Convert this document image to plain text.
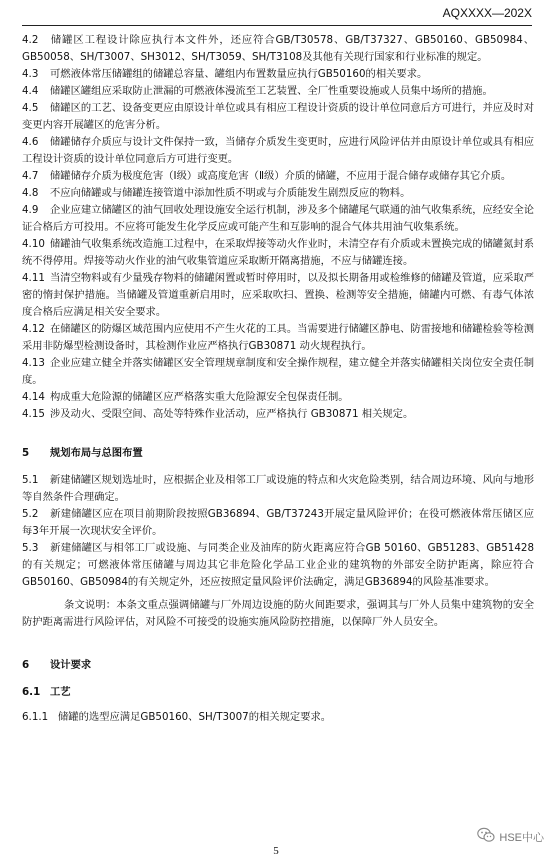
AQXXXX—202X

4.2 储罐区工程设计除应执行本文件外，还应符合GB/T30578、GB/T37327、GB50160、GB50984、GB50058、SH/T3007、SH3012、SH/T3059、SH/T3108及其他有关现行国家和行业标准的规定。

4.3 可燃液体常压储罐组的储罐总容量、罐组内布置数量应执行GB50160的相关要求。

4.4 储罐区罐组应采取防止泄漏的可燃液体漫流至工艺装置、全厂性重要设施或人员集中场所的措施。

4.5 储罐区的工艺、设备变更应由原设计单位或具有相应工程设计资质的设计单位同意后方可进行，并应及时对变更内容开展罐区的危害分析。

4.6 储罐储存介质应与设计文件保持一致，当储存介质发生变更时，应进行风险评估并由原设计单位或具有相应工程设计资质的设计单位同意后方可进行变更。

4.7 储罐储存介质为极度危害（Ⅰ级）或高度危害（Ⅱ级）介质的储罐，不应用于混合储存或储存其它介质。

4.8 不应向储罐或与储罐连接管道中添加性质不明或与介质能发生剧烈反应的物料。

4.9 企业应建立储罐区的油气回收处理设施安全运行机制，涉及多个储罐尾气联通的油气收集系统，应经安全论证合格后方可投用。不应将可能发生化学反应或可能产生和互影响的混合气体共用油气收集系统。

4.10 储罐油气收集系统改造施工过程中，在采取焊接等动火作业时，未清空存有介质或未置换完成的储罐氮封系统不得停用。焊接等动火作业的油气收集管道应采取断开隔离措施，不应与储罐连接。

4.11 当清空物料或有少量残存物料的储罐闲置或暂时停用时，以及拟长期备用或检维修的储罐及管道，应采取严密的惰封保护措施。当储罐及管道重新启用时，应采取吹扫、置换、检测等安全措施，储罐内可燃、有毒气体浓度合格后应满足相关安全要求。

4.12 在储罐区的防爆区域范围内应使用不产生火花的工具。当需要进行储罐区静电、防雷接地和储罐检验等检测采用非防爆型检测设备时，其检测作业应严格执行GB30871 动火规程执行。

4.13 企业应建立健全并落实储罐区安全管理规章制度和安全操作规程，建立健全并落实储罐相关岗位安全责任制度。

4.14 构成重大危险源的储罐区应严格落实重大危险源安全包保责任制。

4.15 涉及动火、受限空间、高处等特殊作业活动，应严格执行 GB30871 相关规定。

5 规划布局与总图布置

5.1 新建储罐区规划选址时，应根据企业及相邻工厂或设施的特点和火灾危险类别，结合周边环境、风向与地形等自然条件合理确定。

5.2 新建储罐区应在项目前期阶段按照GB36894、GB/T37243开展定量风险评价；在役可燃液体常压储区应每3年开展一次现状安全评价。

5.3 新建储罐区与相邻工厂或设施、与同类企业及油库的防火距离应符合GB 50160、GB51283、GB51428的有关规定；可燃液体常压储罐与周边其它非危险化学品工业企业的建筑物的外部安全防护距离，除应符合GB50160、GB50984的有关规定外，还应按照定量风险评价法确定，满足GB36894的风险基准要求。

条文说明：本条文重点强调储罐与厂外周边设施的防火间距要求，强调其与厂外人员集中建筑物的安全防护距离需进行风险评估，对风险不可接受的设施实施风险防控措施，以保障厂外人员安全。

6 设计要求

6.1 工艺

6.1.1 储罐的选型应满足GB50160、SH/T3007的相关规定要求。

HSE中心
5
